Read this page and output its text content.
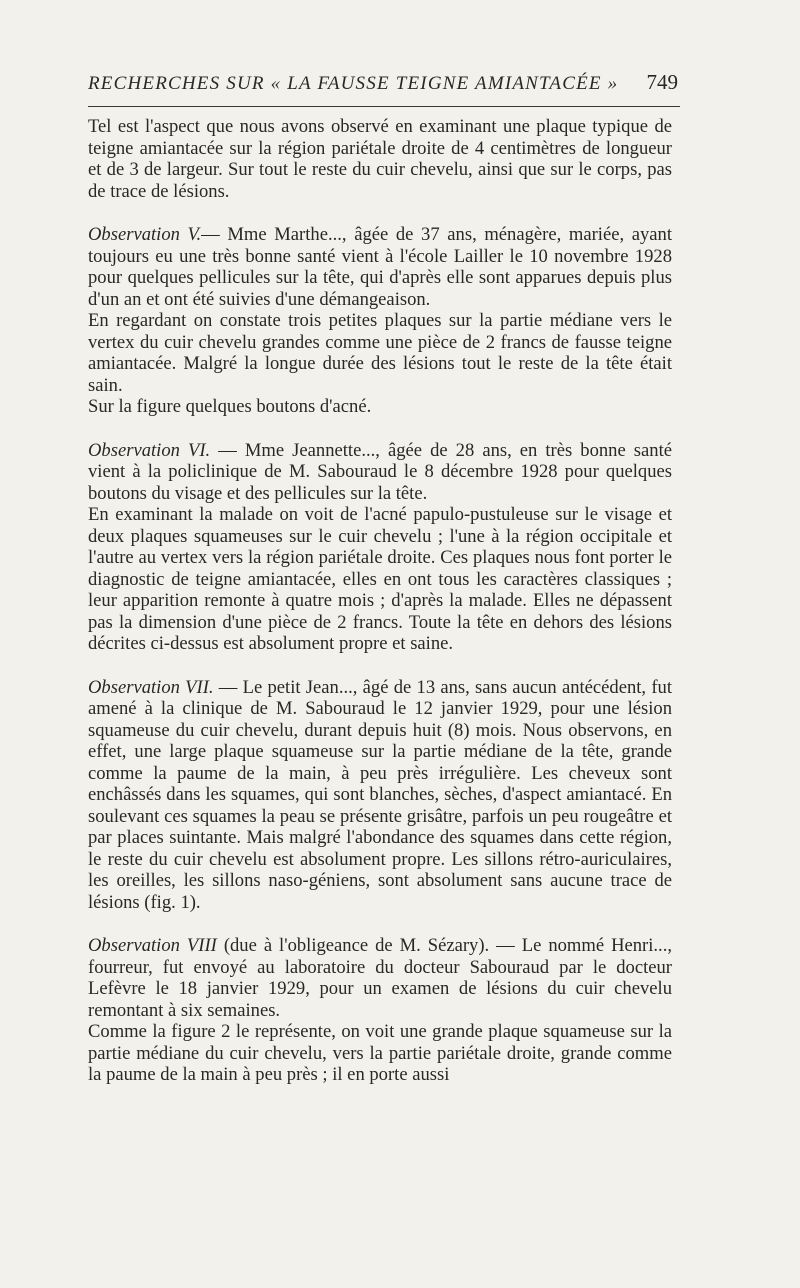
RECHERCHES SUR « LA FAUSSE TEIGNE AMIANTACÉE » 749

Tel est l'aspect que nous avons observé en examinant une plaque typique de teigne amiantacée sur la région pariétale droite de 4 centimètres de longueur et de 3 de largeur. Sur tout le reste du cuir chevelu, ainsi que sur le corps, pas de trace de lésions.

Observation V.— Mme Marthe..., âgée de 37 ans, ménagère, mariée, ayant toujours eu une très bonne santé vient à l'école Lailler le 10 novembre 1928 pour quelques pellicules sur la tête, qui d'après elle sont apparues depuis plus d'un an et ont été suivies d'une démangeaison.

En regardant on constate trois petites plaques sur la partie médiane vers le vertex du cuir chevelu grandes comme une pièce de 2 francs de fausse teigne amiantacée. Malgré la longue durée des lésions tout le reste de la tête était sain.

Sur la figure quelques boutons d'acné.

Observation VI. — Mme Jeannette..., âgée de 28 ans, en très bonne santé vient à la policlinique de M. Sabouraud le 8 décembre 1928 pour quelques boutons du visage et des pellicules sur la tête.

En examinant la malade on voit de l'acné papulo-pustuleuse sur le visage et deux plaques squameuses sur le cuir chevelu ; l'une à la région occipitale et l'autre au vertex vers la région pariétale droite. Ces plaques nous font porter le diagnostic de teigne amiantacée, elles en ont tous les caractères classiques ; leur apparition remonte à quatre mois ; d'après la malade. Elles ne dépassent pas la dimension d'une pièce de 2 francs. Toute la tête en dehors des lésions décrites ci-dessus est absolument propre et saine.

Observation VII. — Le petit Jean..., âgé de 13 ans, sans aucun antécédent, fut amené à la clinique de M. Sabouraud le 12 janvier 1929, pour une lésion squameuse du cuir chevelu, durant depuis huit (8) mois. Nous observons, en effet, une large plaque squameuse sur la partie médiane de la tête, grande comme la paume de la main, à peu près irrégulière. Les cheveux sont enchâssés dans les squames, qui sont blanches, sèches, d'aspect amiantacé. En soulevant ces squames la peau se présente grisâtre, parfois un peu rougeâtre et par places suintante. Mais malgré l'abondance des squames dans cette région, le reste du cuir chevelu est absolument propre. Les sillons rétro-auriculaires, les oreilles, les sillons naso-géniens, sont absolument sans aucune trace de lésions (fig. 1).

Observation VIII (due à l'obligeance de M. Sézary). — Le nommé Henri..., fourreur, fut envoyé au laboratoire du docteur Sabouraud par le docteur Lefèvre le 18 janvier 1929, pour un examen de lésions du cuir chevelu remontant à six semaines.

Comme la figure 2 le représente, on voit une grande plaque squameuse sur la partie médiane du cuir chevelu, vers la partie pariétale droite, grande comme la paume de la main à peu près ; il en porte aussi
